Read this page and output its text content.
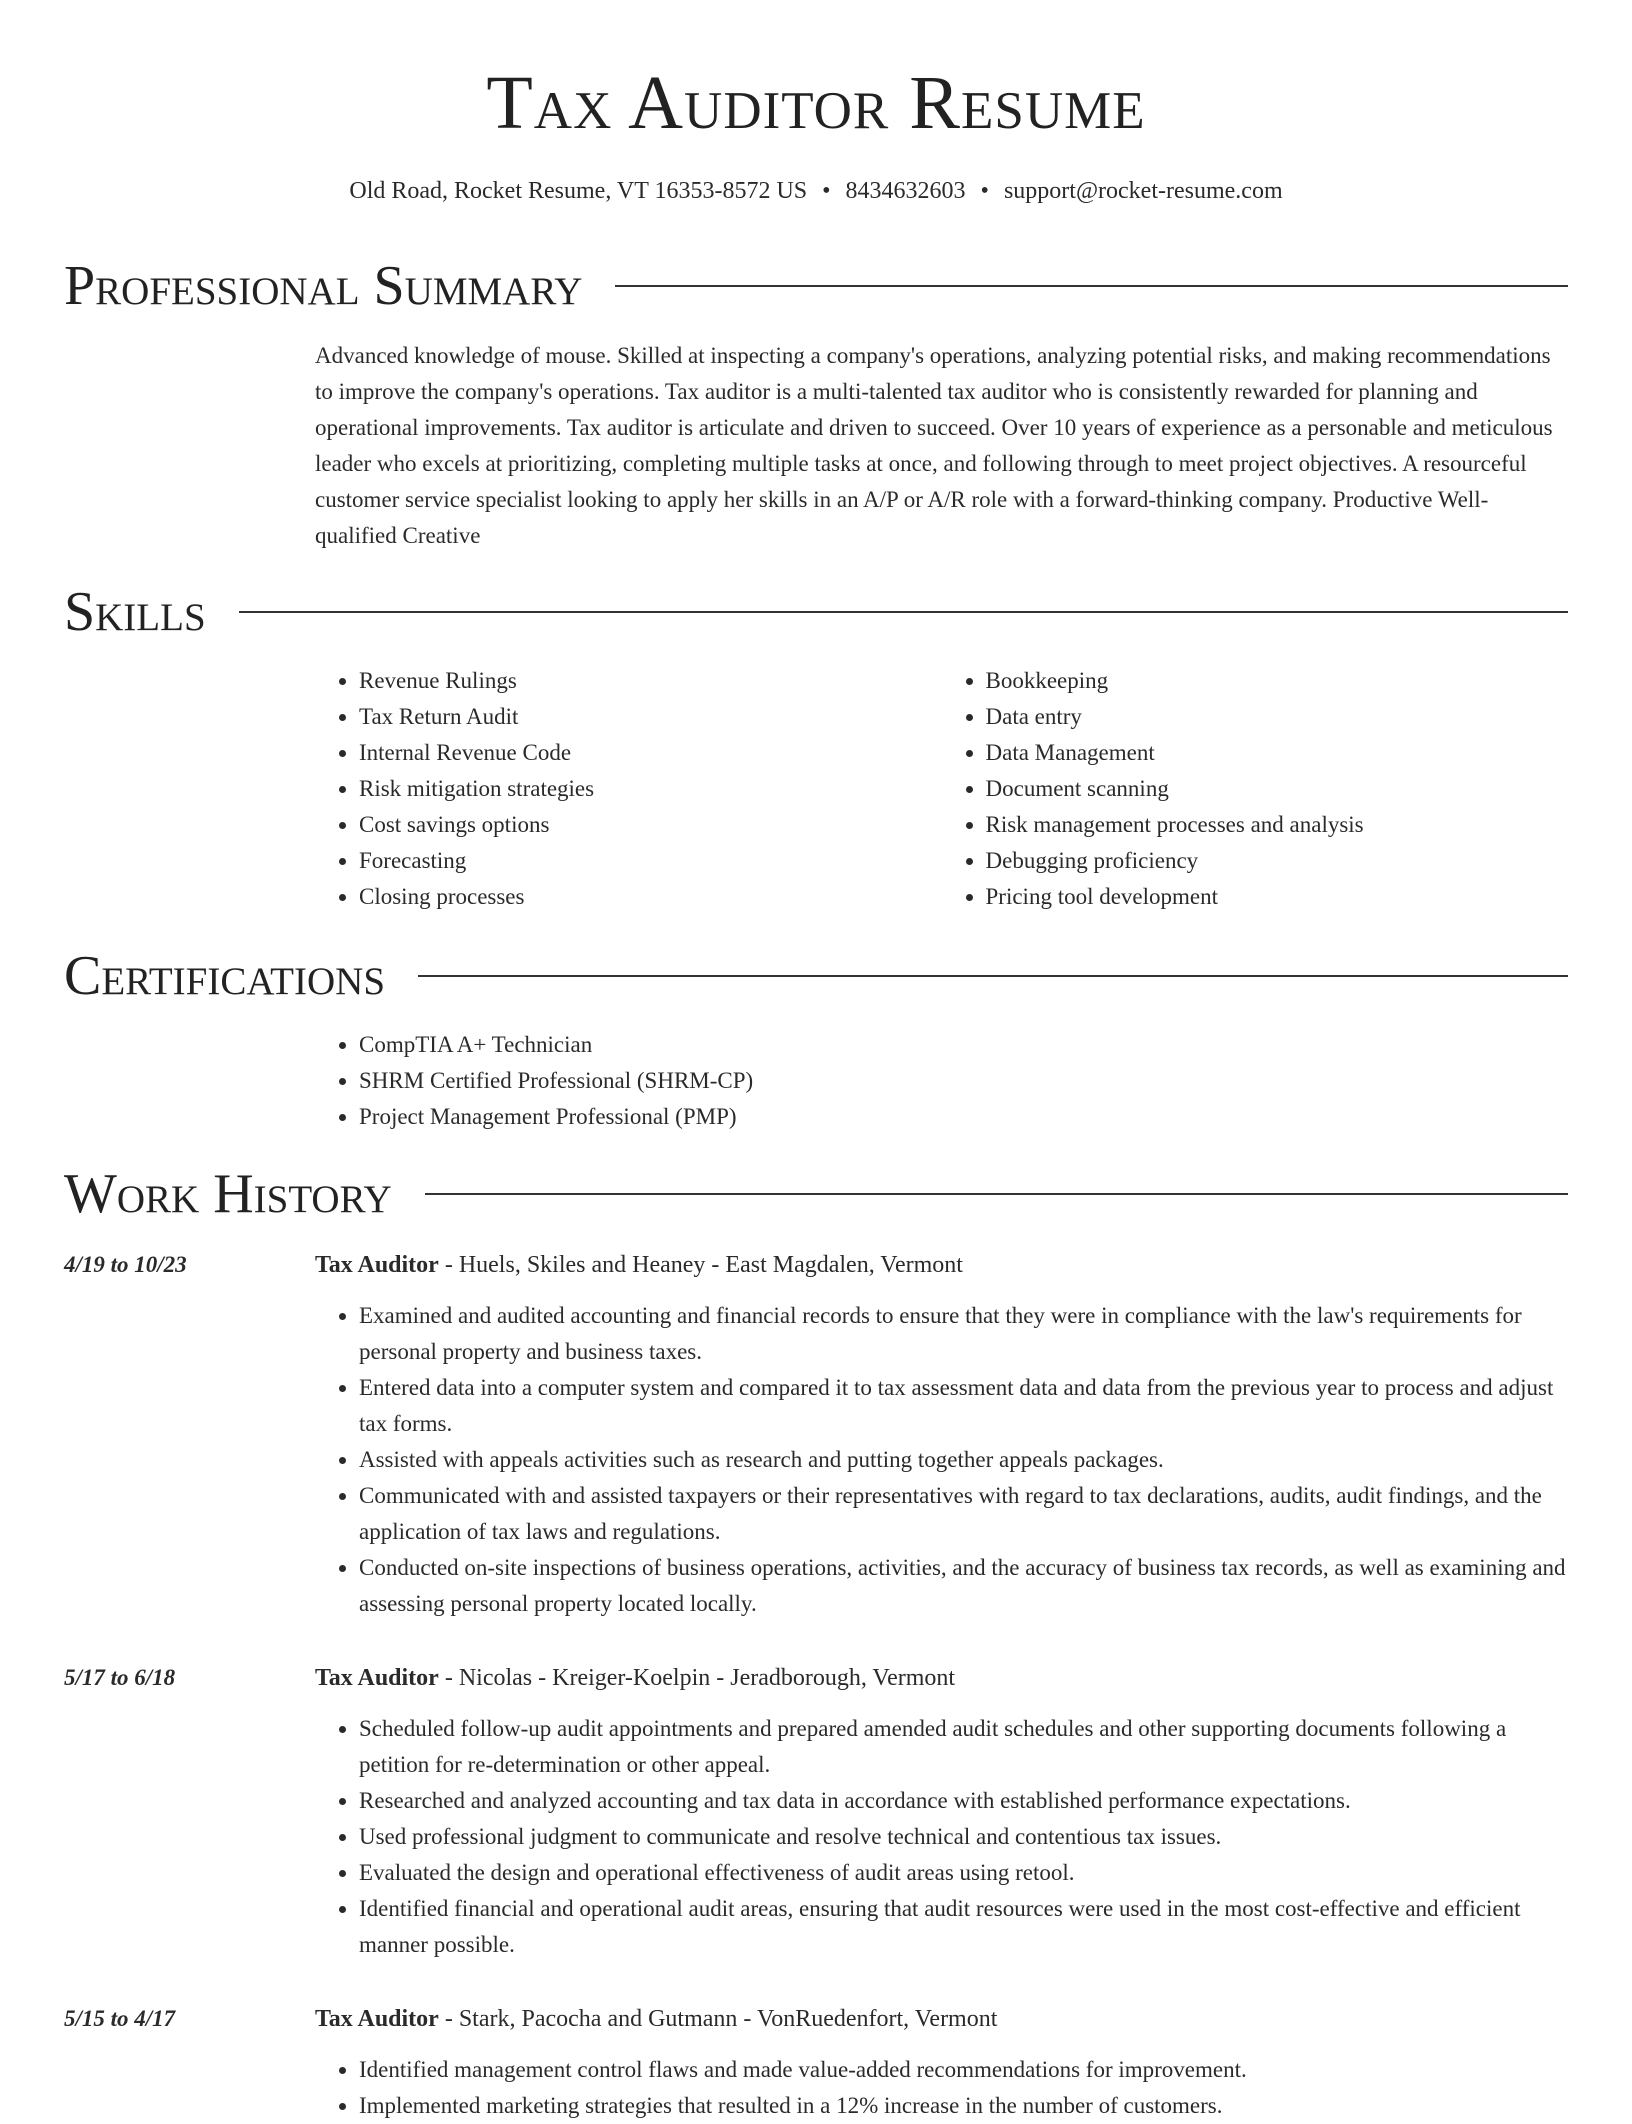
Tax Auditor Resume
Old Road, Rocket Resume, VT 16353-8572 US • 8434632603 • support@rocket-resume.com
Professional Summary
Advanced knowledge of mouse. Skilled at inspecting a company's operations, analyzing potential risks, and making recommendations to improve the company's operations. Tax auditor is a multi-talented tax auditor who is consistently rewarded for planning and operational improvements. Tax auditor is articulate and driven to succeed. Over 10 years of experience as a personable and meticulous leader who excels at prioritizing, completing multiple tasks at once, and following through to meet project objectives. A resourceful customer service specialist looking to apply her skills in an A/P or A/R role with a forward-thinking company. Productive Well-qualified Creative
Skills
• Revenue Rulings
• Tax Return Audit
• Internal Revenue Code
• Risk mitigation strategies
• Cost savings options
• Forecasting
• Closing processes
• Bookkeeping
• Data entry
• Data Management
• Document scanning
• Risk management processes and analysis
• Debugging proficiency
• Pricing tool development
Certifications
• CompTIA A+ Technician
• SHRM Certified Professional (SHRM-CP)
• Project Management Professional (PMP)
Work History
4/19 to 10/23	Tax Auditor - Huels, Skiles and Heaney - East Magdalen, Vermont
• Examined and audited accounting and financial records to ensure that they were in compliance with the law's requirements for personal property and business taxes.
• Entered data into a computer system and compared it to tax assessment data and data from the previous year to process and adjust tax forms.
• Assisted with appeals activities such as research and putting together appeals packages.
• Communicated with and assisted taxpayers or their representatives with regard to tax declarations, audits, audit findings, and the application of tax laws and regulations.
• Conducted on-site inspections of business operations, activities, and the accuracy of business tax records, as well as examining and assessing personal property located locally.
5/17 to 6/18	Tax Auditor - Nicolas - Kreiger-Koelpin - Jeradborough, Vermont
• Scheduled follow-up audit appointments and prepared amended audit schedules and other supporting documents following a petition for re-determination or other appeal.
• Researched and analyzed accounting and tax data in accordance with established performance expectations.
• Used professional judgment to communicate and resolve technical and contentious tax issues.
• Evaluated the design and operational effectiveness of audit areas using retool.
• Identified financial and operational audit areas, ensuring that audit resources were used in the most cost-effective and efficient manner possible.
5/15 to 4/17	Tax Auditor - Stark, Pacocha and Gutmann - VonRuedenfort, Vermont
• Identified management control flaws and made value-added recommendations for improvement.
• Implemented marketing strategies that resulted in a 12% increase in the number of customers.
